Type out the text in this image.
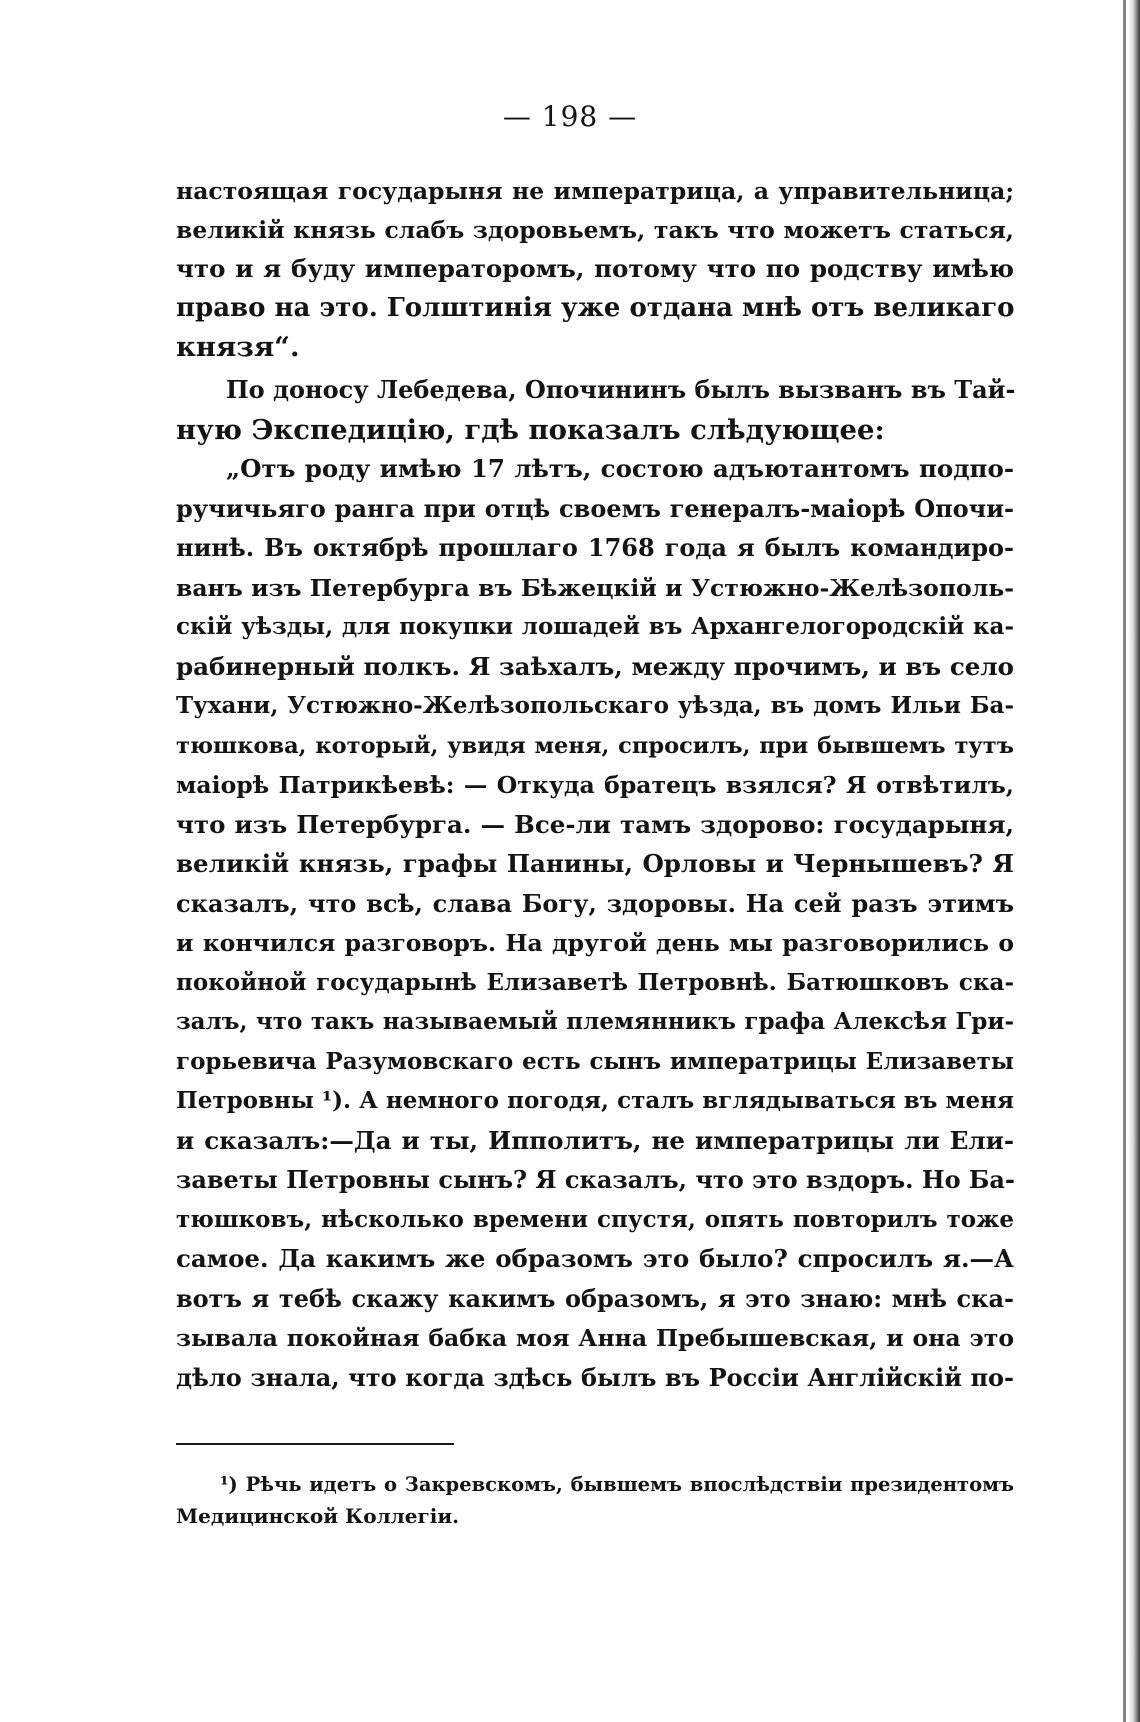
— 198 —
настоящая государыня не императрица, а управительница;
великій князь слабъ здоровьемъ, такъ что можетъ статься,
что и я буду императоромъ, потому что по родству имѣю
право на это. Голштинія уже отдана мнѣ отъ великаго
князя“.
По доносу Лебедева, Опочининъ былъ вызванъ въ Тай-
ную Экспедицію, гдѣ показалъ слѣдующее:
„Отъ роду имѣю 17 лѣтъ, состою адъютантомъ подпо-
ручичьяго ранга при отцѣ своемъ генералъ-маіорѣ Опочи-
нинѣ. Въ октябрѣ прошлаго 1768 года я былъ командиро-
ванъ изъ Петербурга въ Бѣжецкій и Устюжно-Желѣзополь-
скій уѣзды, для покупки лошадей въ Архангелогородскій ка-
рабинерный полкъ. Я заѣхалъ, между прочимъ, и въ село
Тухани, Устюжно-Желѣзопольскаго уѣзда, въ домъ Ильи Ба-
тюшкова, который, увидя меня, спросилъ, при бывшемъ тутъ
маіорѣ Патрикѣевѣ: — Откуда братецъ взялся? Я отвѣтилъ,
что изъ Петербурга. — Все-ли тамъ здорово: государыня,
великій князь, графы Панины, Орловы и Чернышевъ? Я
сказалъ, что всѣ, слава Богу, здоровы. На сей разъ этимъ
и кончился разговоръ. На другой день мы разговорились о
покойной государынѣ Елизаветѣ Петровнѣ. Батюшковъ ска-
залъ, что такъ называемый племянникъ графа Алексѣя Гри-
горьевича Разумовскаго есть сынъ императрицы Елизаветы
Петровны ¹). А немного погодя, сталъ вглядываться въ меня
и сказалъ:—Да и ты, Ипполитъ, не императрицы ли Ели-
заветы Петровны сынъ? Я сказалъ, что это вздоръ. Но Ба-
тюшковъ, нѣсколько времени спустя, опять повторилъ тоже
самое. Да какимъ же образомъ это было? спросилъ я.—А
вотъ я тебѣ скажу какимъ образомъ, я это знаю: мнѣ ска-
зывала покойная бабка моя Анна Пребышевская, и она это
дѣло знала, что когда здѣсь былъ въ Россіи Англійскій по-
¹) Рѣчь идетъ о Закревскомъ, бывшемъ впослѣдствіи президентомъ
Медицинской Коллегіи.
